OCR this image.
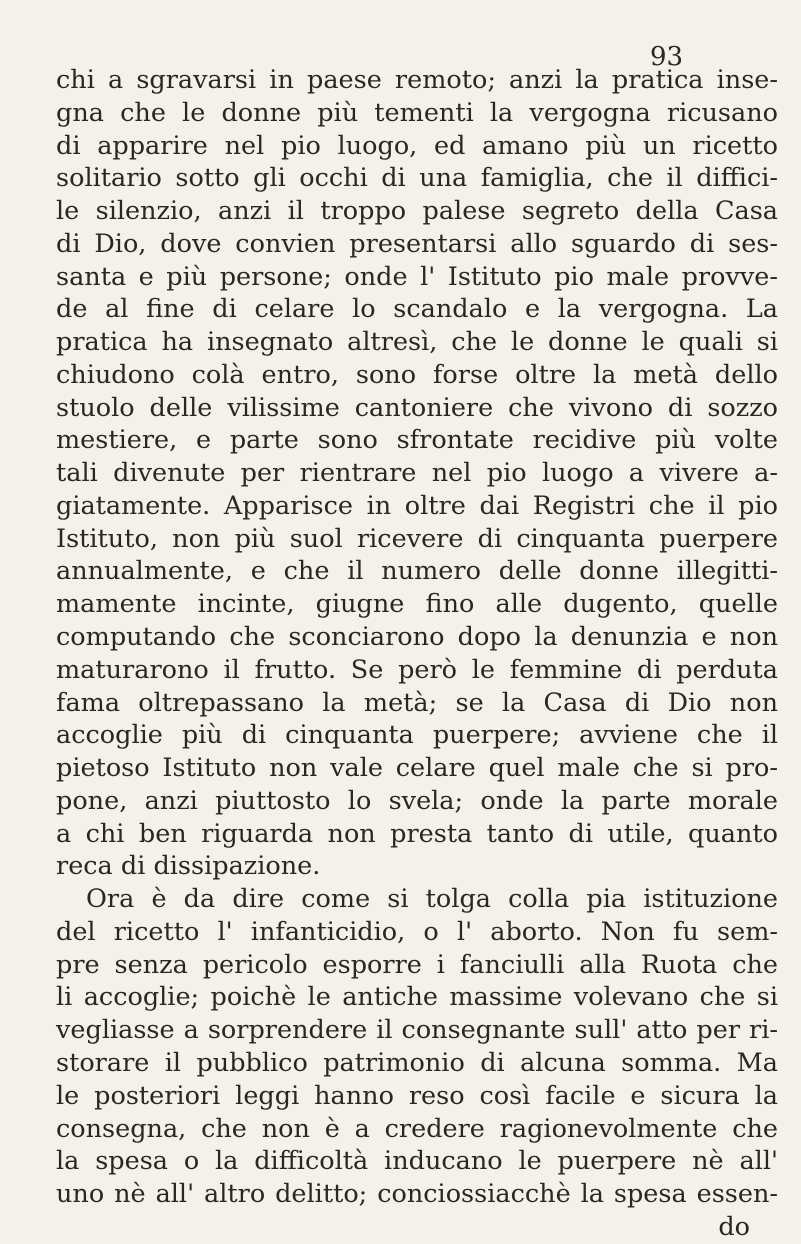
93
chi a sgravarsi in paese remoto; anzi la pratica inse-
gna che le donne più tementi la vergogna ricusano
di apparire nel pio luogo, ed amano più un ricetto
solitario sotto gli occhi di una famiglia, che il diffici-
le silenzio, anzi il troppo palese segreto della Casa
di Dio, dove convien presentarsi allo sguardo di ses-
santa e più persone; onde l' Istituto pio male provve-
de al fine di celare lo scandalo e la vergogna. La
pratica ha insegnato altresì, che le donne le quali si
chiudono colà entro, sono forse oltre la metà dello
stuolo delle vilissime cantoniere che vivono di sozzo
mestiere, e parte sono sfrontate recidive più volte
tali divenute per rientrare nel pio luogo a vivere a-
giatamente. Apparisce in oltre dai Registri che il pio
Istituto, non più suol ricevere di cinquanta puerpere
annualmente, e che il numero delle donne illegitti-
mamente incinte, giugne fino alle dugento, quelle
computando che sconciarono dopo la denunzia e non
maturarono il frutto. Se però le femmine di perduta
fama oltrepassano la metà; se la Casa di Dio non
accoglie più di cinquanta puerpere; avviene che il
pietoso Istituto non vale celare quel male che si pro-
pone, anzi piuttosto lo svela; onde la parte morale
a chi ben riguarda non presta tanto di utile, quanto
reca di dissipazione.
Ora è da dire come si tolga colla pia istituzione
del ricetto l' infanticidio, o l' aborto. Non fu sem-
pre senza pericolo esporre i fanciulli alla Ruota che
li accoglie; poichè le antiche massime volevano che si
vegliasse a sorprendere il consegnante sull' atto per ri-
storare il pubblico patrimonio di alcuna somma. Ma
le posteriori leggi hanno reso così facile e sicura la
consegna, che non è a credere ragionevolmente che
la spesa o la difficoltà inducano le puerpere nè all'
uno nè all' altro delitto; conciossiacchè la spesa essen-
do
